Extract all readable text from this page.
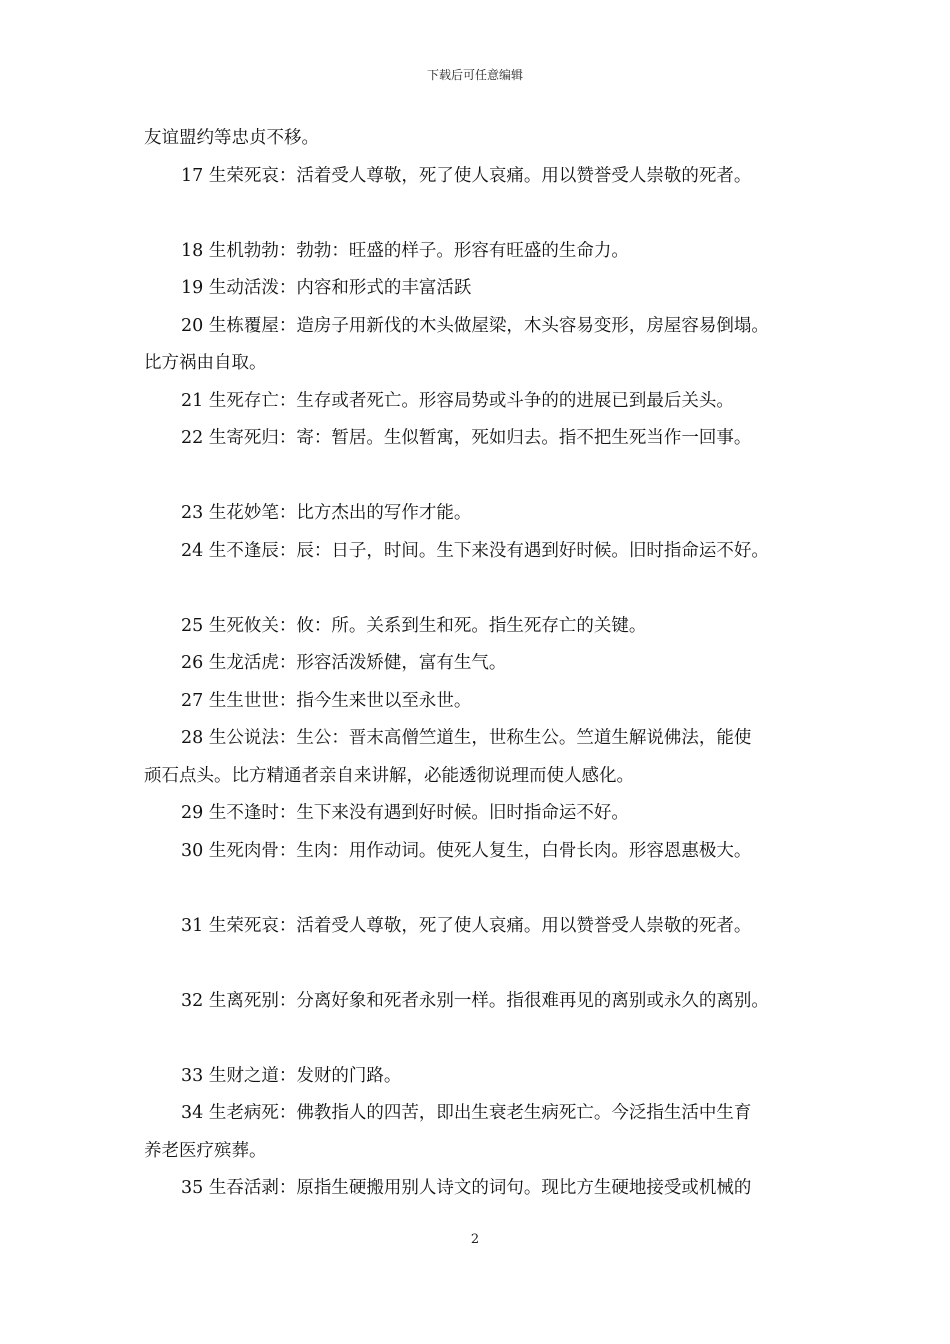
下载后可任意编辑
友谊盟约等忠贞不移。
17 生荣死哀：活着受人尊敬，死了使人哀痛。用以赞誉受人崇敬的死者。
18 生机勃勃：勃勃：旺盛的样子。形容有旺盛的生命力。
19 生动活泼：内容和形式的丰富活跃
20 生栋覆屋：造房子用新伐的木头做屋梁，木头容易变形，房屋容易倒塌。
比方祸由自取。
21 生死存亡：生存或者死亡。形容局势或斗争的的进展已到最后关头。
22 生寄死归：寄：暂居。生似暂寓，死如归去。指不把生死当作一回事。
23 生花妙笔：比方杰出的写作才能。
24 生不逢辰：辰：日子，时间。生下来没有遇到好时候。旧时指命运不好。
25 生死攸关：攸：所。关系到生和死。指生死存亡的关键。
26 生龙活虎：形容活泼矫健，富有生气。
27 生生世世：指今生来世以至永世。
28 生公说法：生公：晋末高僧竺道生，世称生公。竺道生解说佛法，能使
顽石点头。比方精通者亲自来讲解，必能透彻说理而使人感化。
29 生不逢时：生下来没有遇到好时候。旧时指命运不好。
30 生死肉骨：生肉：用作动词。使死人复生，白骨长肉。形容恩惠极大。
31 生荣死哀：活着受人尊敬，死了使人哀痛。用以赞誉受人崇敬的死者。
32 生离死别：分离好象和死者永别一样。指很难再见的离别或永久的离别。
33 生财之道：发财的门路。
34 生老病死：佛教指人的四苦，即出生衰老生病死亡。今泛指生活中生育
养老医疗殡葬。
35 生吞活剥：原指生硬搬用别人诗文的词句。现比方生硬地接受或机械的
2
